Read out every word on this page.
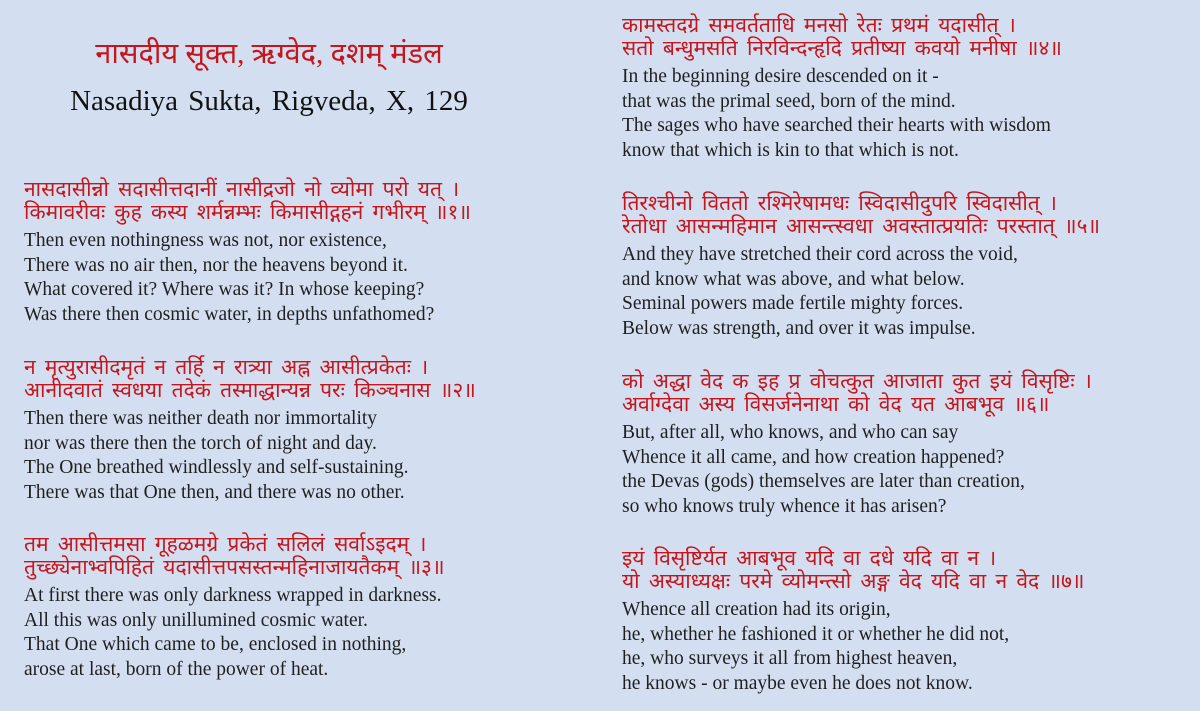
नासदीय सूक्त, ऋग्वेद, दशम् मंडल
Nasadiya Sukta, Rigveda, X, 129
नासदासीन्नो सदासीत्तदानीं नासीद्रजो नो व्योमा परो यत् ।
किमावरीवः कुह कस्य शर्मन्नम्भः किमासीद्गहनं गभीरम् ॥१॥
Then even nothingness was not, nor existence,
There was no air then, nor the heavens beyond it.
What covered it? Where was it? In whose keeping?
Was there then cosmic water, in depths unfathomed?
न मृत्युरासीदमृतं न तर्हि न रात्र्या अह्न आसीत्प्रकेतः ।
आनीदवातं स्वधया तदेकं तस्माद्धान्यन्न परः किञ्चनास ॥२॥
Then there was neither death nor immortality
nor was there then the torch of night and day.
The One breathed windlessly and self-sustaining.
There was that One then, and there was no other.
तम आसीत्तमसा गूहळमग्रे प्रकेतं सलिलं सर्वाऽइदम् ।
तुच्छ्येनाभ्वपिहितं यदासीत्तपसस्तन्महिनाजायतैकम् ॥३॥
At first there was only darkness wrapped in darkness.
All this was only unillumined cosmic water.
That One which came to be, enclosed in nothing,
arose at last, born of the power of heat.
कामस्तदग्रे समवर्तताधि मनसो रेतः प्रथमं यदासीत् ।
सतो बन्धुमसति निरविन्दन्हृदि प्रतीष्या कवयो मनीषा ॥४॥
In the beginning desire descended on it -
that was the primal seed, born of the mind.
The sages who have searched their hearts with wisdom
know that which is kin to that which is not.
तिरश्चीनो विततो रश्मिरेषामधः स्विदासीदुपरि स्विदासीत् ।
रेतोधा आसन्महिमान आसन्त्स्वधा अवस्तात्प्रयतिः परस्तात् ॥५॥
And they have stretched their cord across the void,
and know what was above, and what below.
Seminal powers made fertile mighty forces.
Below was strength, and over it was impulse.
को अद्धा वेद क इह प्र वोचत्कुत आजाता कुत इयं विसृष्टिः ।
अर्वाग्देवा अस्य विसर्जनेनाथा को वेद यत आबभूव ॥६॥
But, after all, who knows, and who can say
Whence it all came, and how creation happened?
the Devas (gods) themselves are later than creation,
so who knows truly whence it has arisen?
इयं विसृष्टिर्यत आबभूव यदि वा दधे यदि वा न ।
यो अस्याध्यक्षः परमे व्योमन्त्सो अङ्ग वेद यदि वा न वेद ॥७॥
Whence all creation had its origin,
he, whether he fashioned it or whether he did not,
he, who surveys it all from highest heaven,
he knows - or maybe even he does not know.
